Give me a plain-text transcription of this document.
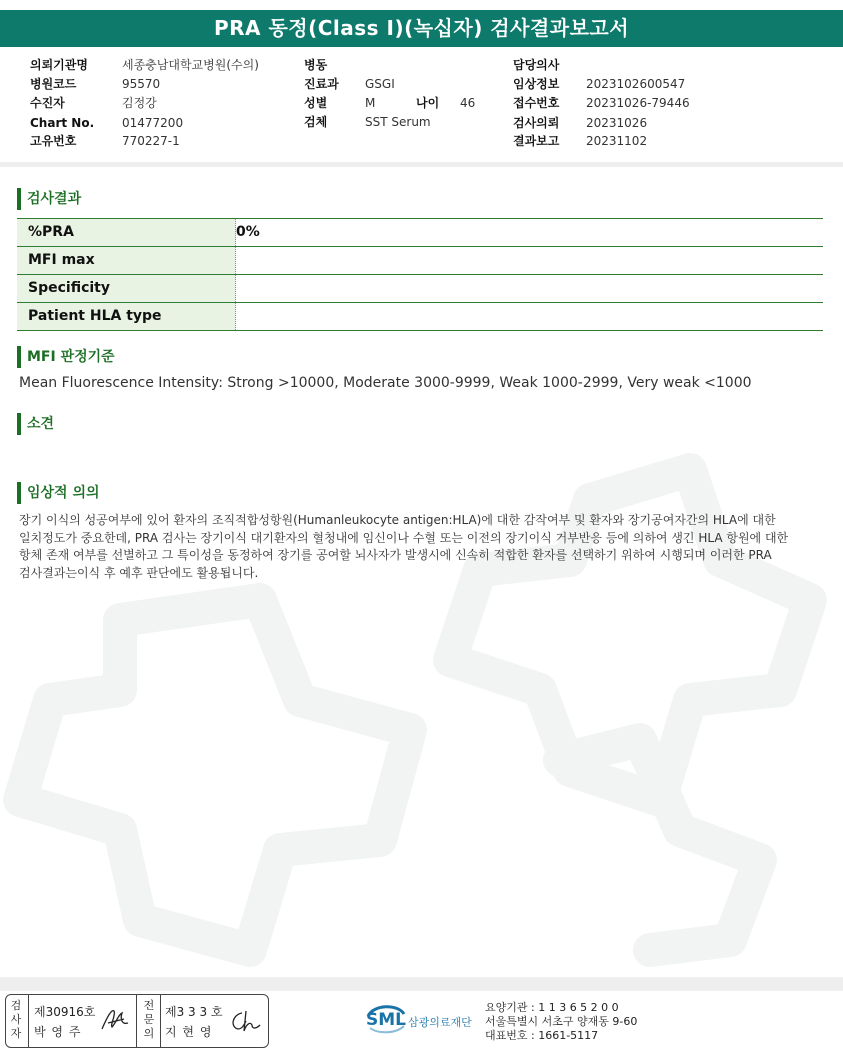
PRA 동정(Class I)(녹십자) 검사결과보고서
의뢰기관명	세종충남대학교병원(수의)
병원코드	95570
수진자	김정강
Chart No. 01477200
고유번호	770227-1
병동
진료과 GSGI
성별	M	나이 46
검체	SST Serum
담당의사
임상정보 2023102600547
접수번호 20231026-79446
검사의뢰 20231026
결과보고 20231102
검사결과
%PRA	0%
MFI max
Specificity
Patient HLA type
MFI 판정기준
Mean Fluorescence Intensity: Strong >10000, Moderate 3000-9999, Weak 1000-2999, Very weak <1000
소견
임상적 의의
장기 이식의 성공여부에 있어 환자의 조직적합성항원(Humanleukocyte antigen:HLA)에 대한 감작여부 및 환자와 장기공여자간의 HLA에 대한
일치정도가 중요한데, PRA 검사는 장기이식 대기환자의 혈청내에 임신이나 수혈 또는 이전의 장기이식 거부반응 등에 의하여 생긴 HLA 항원에 대한
항체 존재 여부를 선별하고 그 특이성을 동정하여 장기를 공여할 뇌사자가 발생시에 신속히 적합한 환자를 선택하기 위하여 시행되며 이러한 PRA
검사결과는이식 후 예후 판단에도 활용됩니다.
검사자
제30916호
박 영 주
전문의
제3 3 3 호
지 현 영
SML 삼광의료재단
요양기관 : 1 1 3 6 5 2 0 0
서울특별시 서초구 양재동 9-60
대표번호 : 1661-5117
